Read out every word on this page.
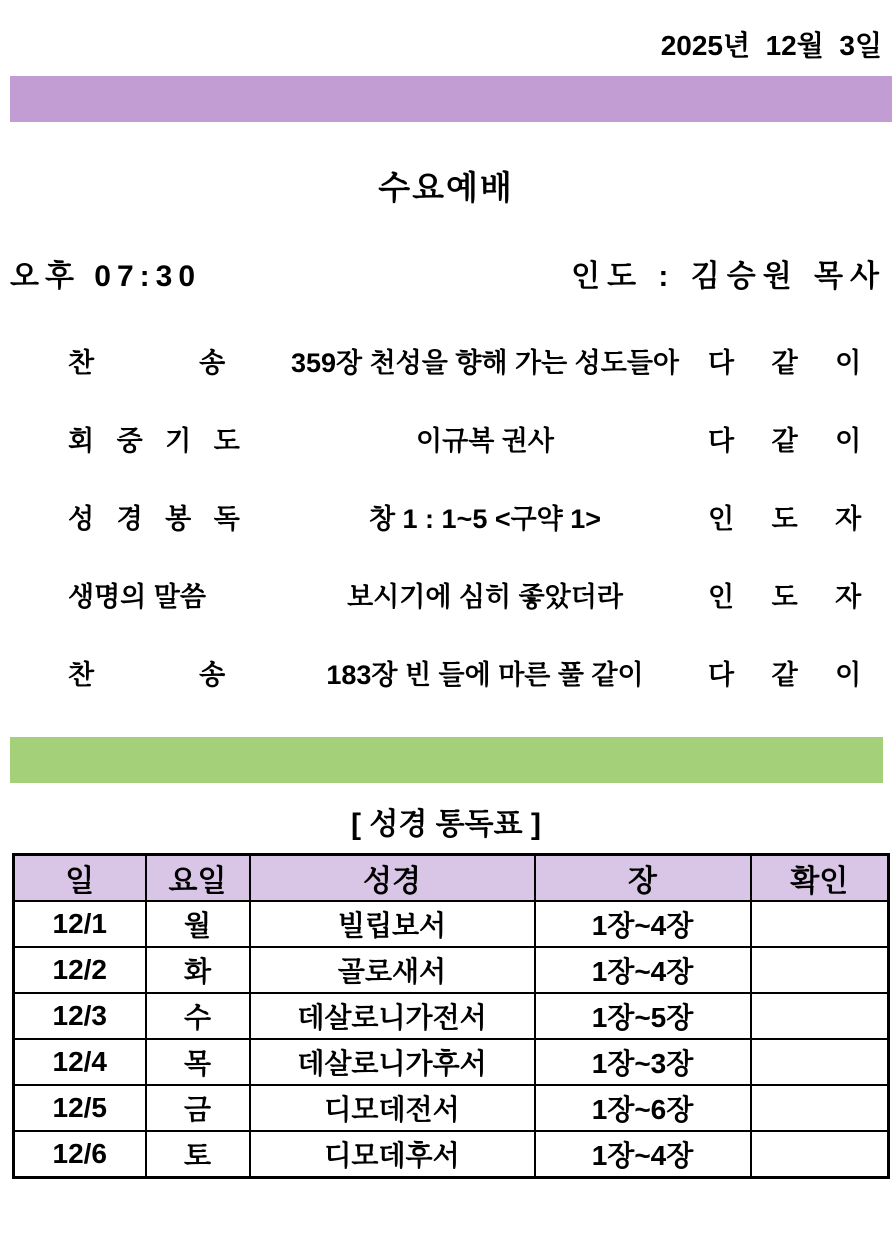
2025년  12월  3일
수요예배
오후 07:30	인도 : 김승원 목사
찬              송	359장 천성을 향해 가는 성도들아	다     같     이
회   중   기   도	이규복 권사	다     같     이
성   경   봉   독	창 1 : 1~5 <구약 1>	인     도     자
생명의 말씀	보시기에 심히 좋았더라	인     도     자
찬              송	183장 빈 들에 마른 풀 같이	다     같     이
[ 성경 통독표 ]
일	요일	성경	장	확인
12/1	월	빌립보서	1장~4장	
12/2	화	골로새서	1장~4장	
12/3	수	데살로니가전서	1장~5장	
12/4	목	데살로니가후서	1장~3장	
12/5	금	디모데전서	1장~6장	
12/6	토	디모데후서	1장~4장	
